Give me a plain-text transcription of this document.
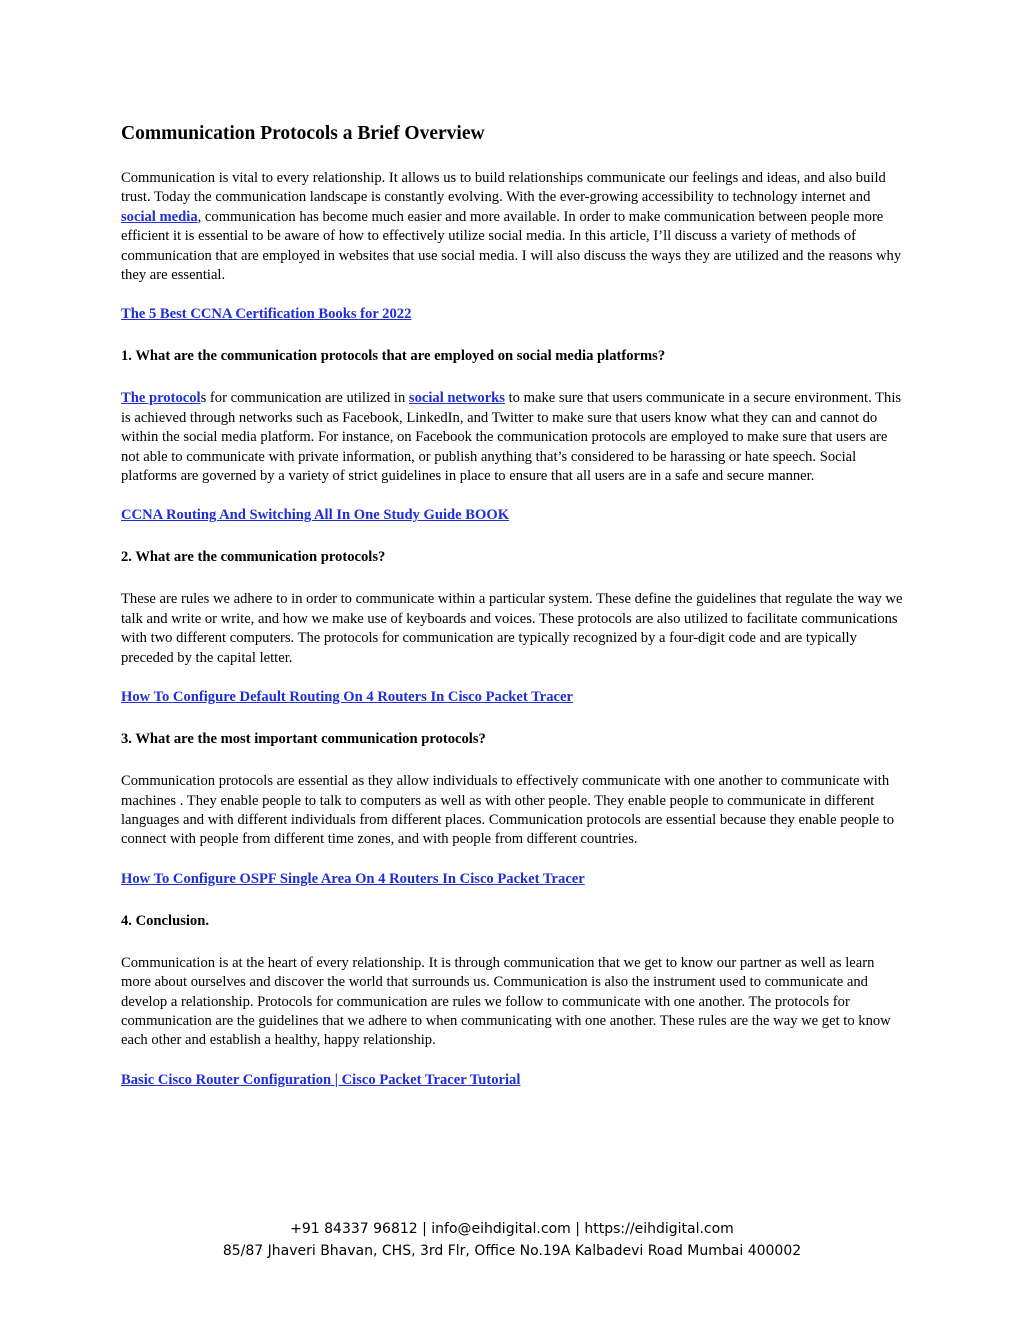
Communication Protocols a Brief Overview

Communication is vital to every relationship. It allows us to build relationships communicate our feelings and ideas, and also build trust. Today the communication landscape is constantly evolving. With the ever-growing accessibility to technology internet and social media, communication has become much easier and more available. In order to make communication between people more efficient it is essential to be aware of how to effectively utilize social media. In this article, I’ll discuss a variety of methods of communication that are employed in websites that use social media. I will also discuss the ways they are utilized and the reasons why they are essential.

The 5 Best CCNA Certification Books for 2022

1. What are the communication protocols that are employed on social media platforms?

The protocols for communication are utilized in social networks to make sure that users communicate in a secure environment. This is achieved through networks such as Facebook, LinkedIn, and Twitter to make sure that users know what they can and cannot do within the social media platform. For instance, on Facebook the communication protocols are employed to make sure that users are not able to communicate with private information, or publish anything that’s considered to be harassing or hate speech. Social platforms are governed by a variety of strict guidelines in place to ensure that all users are in a safe and secure manner.

CCNA Routing And Switching All In One Study Guide BOOK

2. What are the communication protocols?

These are rules we adhere to in order to communicate within a particular system. These define the guidelines that regulate the way we talk and write or write, and how we make use of keyboards and voices. These protocols are also utilized to facilitate communications with two different computers. The protocols for communication are typically recognized by a four-digit code and are typically preceded by the capital letter.

How To Configure Default Routing On 4 Routers In Cisco Packet Tracer

3. What are the most important communication protocols?

Communication protocols are essential as they allow individuals to effectively communicate with one another to communicate with machines . They enable people to talk to computers as well as with other people. They enable people to communicate in different languages and with different individuals from different places. Communication protocols are essential because they enable people to connect with people from different time zones, and with people from different countries.

How To Configure OSPF Single Area On 4 Routers In Cisco Packet Tracer

4. Conclusion.

Communication is at the heart of every relationship. It is through communication that we get to know our partner as well as learn more about ourselves and discover the world that surrounds us. Communication is also the instrument used to communicate and develop a relationship. Protocols for communication are rules we follow to communicate with one another. The protocols for communication are the guidelines that we adhere to when communicating with one another. These rules are the way we get to know each other and establish a healthy, happy relationship.

Basic Cisco Router Configuration | Cisco Packet Tracer Tutorial

+91 84337 96812 | info@eihdigital.com | https://eihdigital.com
85/87 Jhaveri Bhavan, CHS, 3rd Flr, Office No.19A Kalbadevi Road Mumbai 400002
